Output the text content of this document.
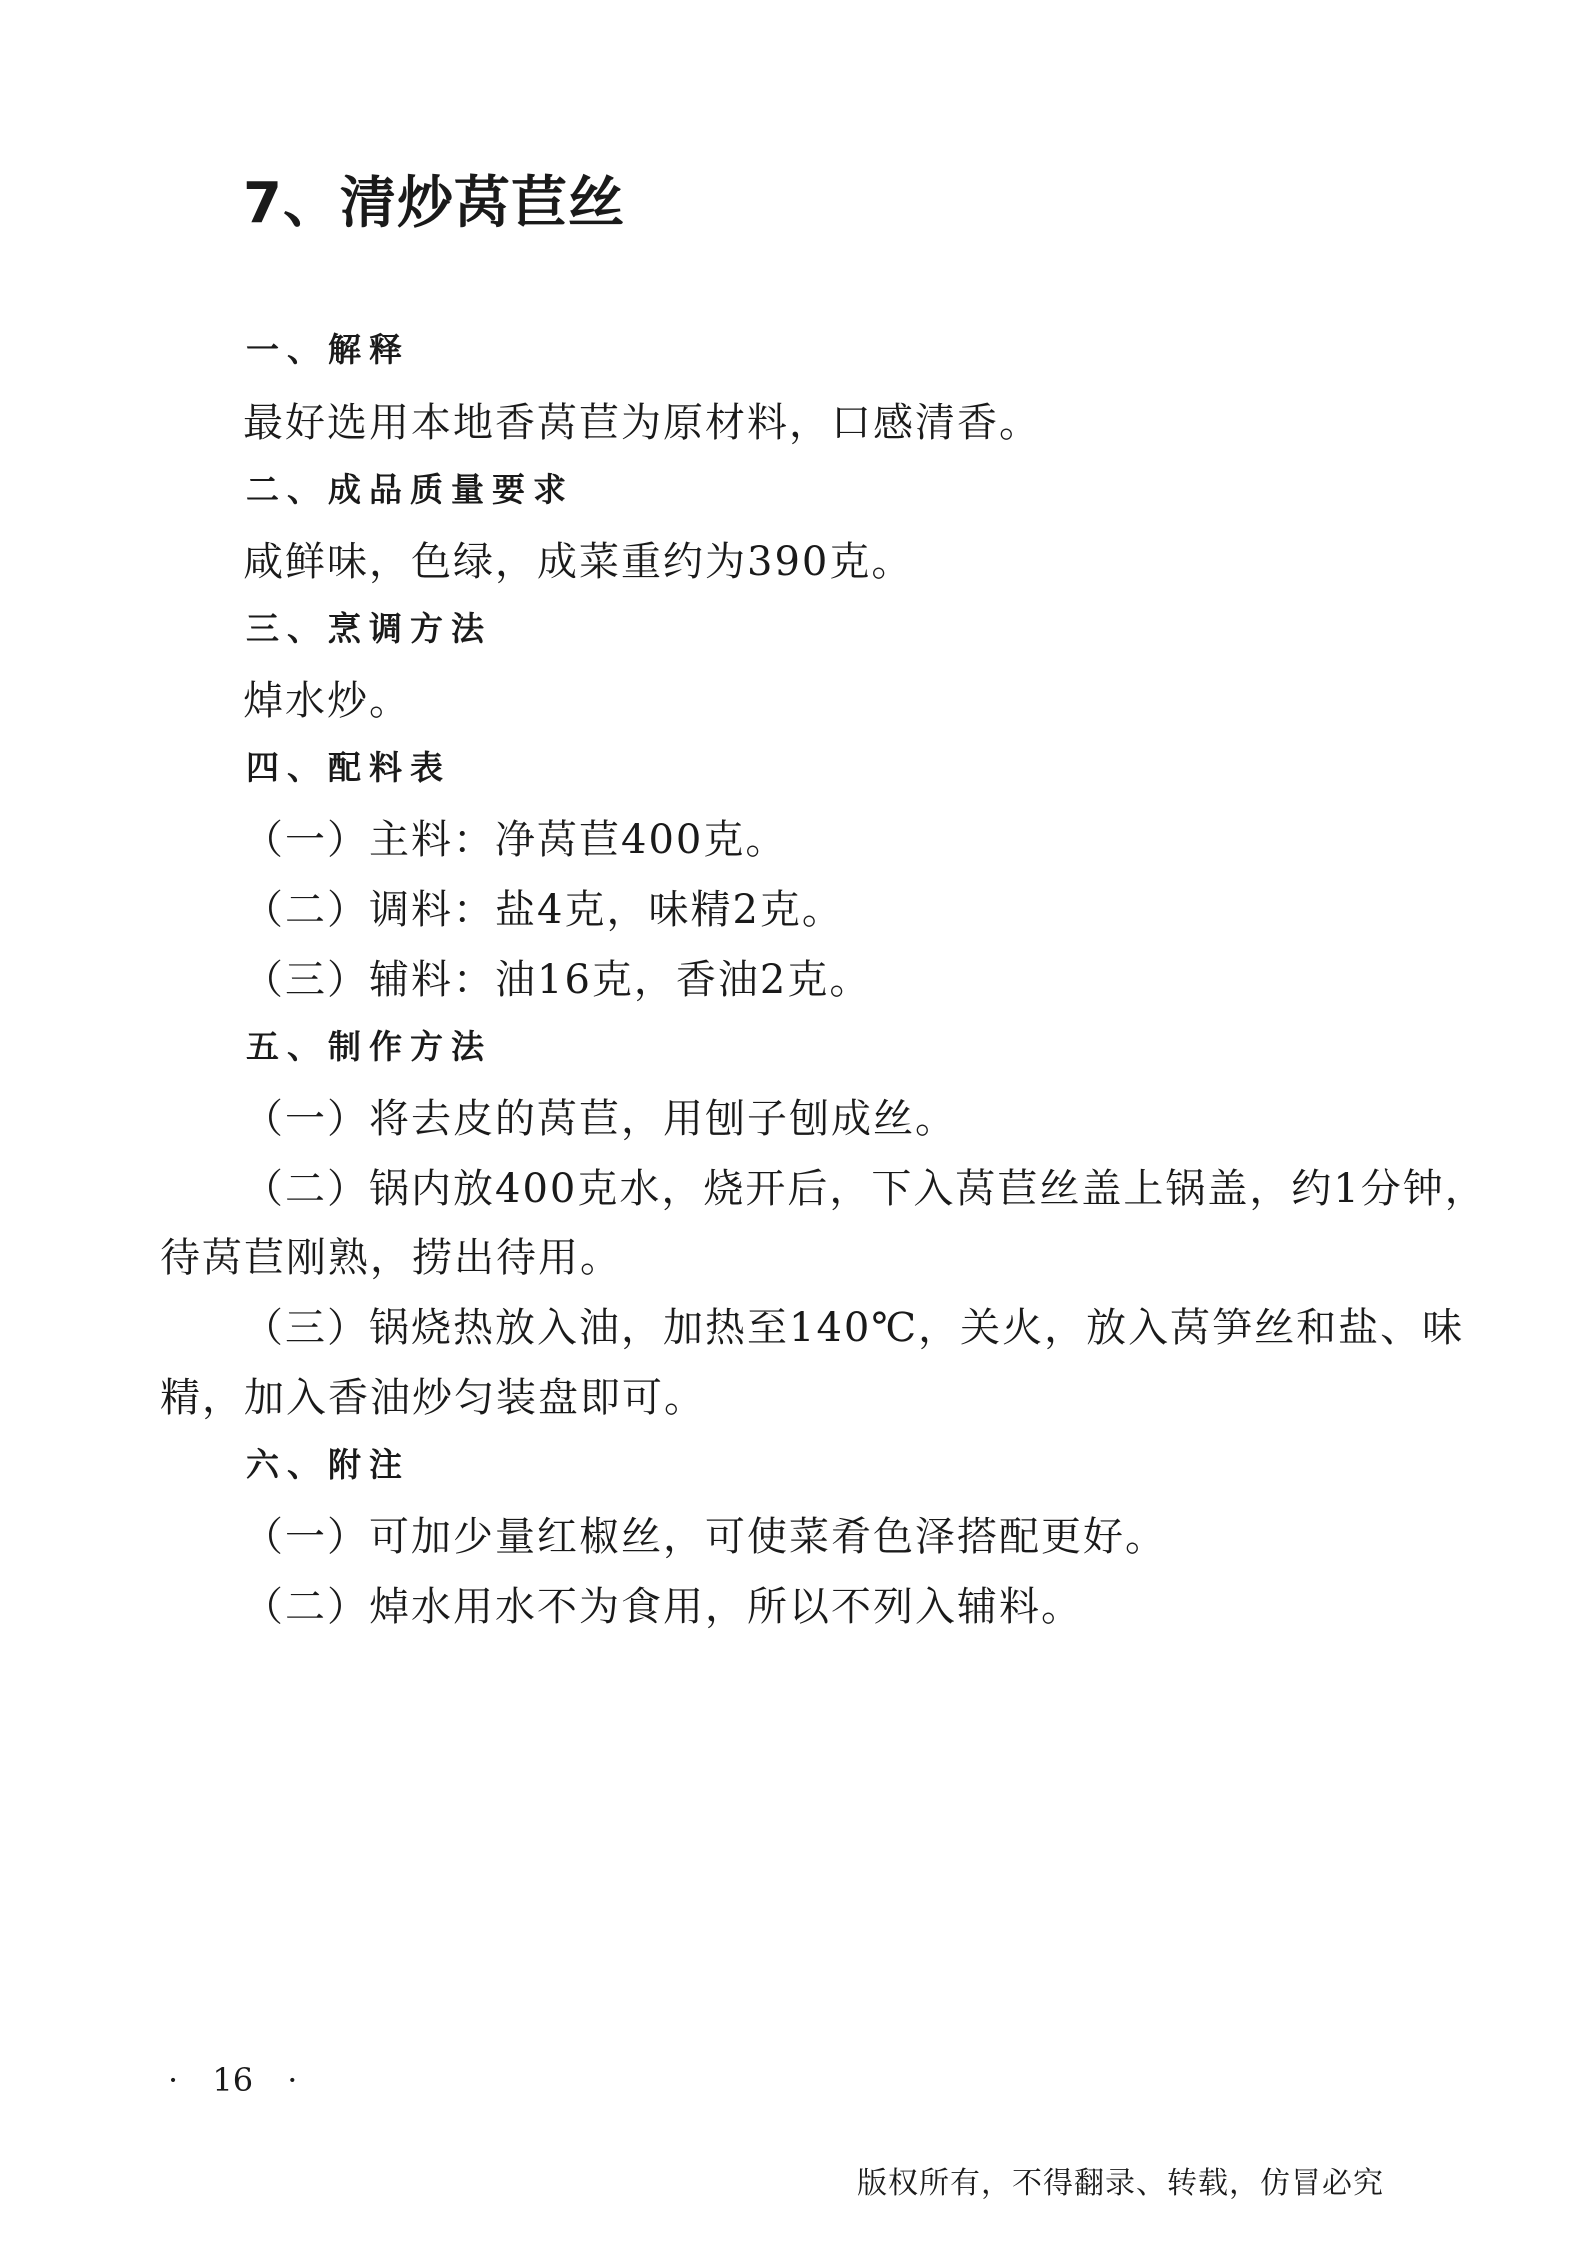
7、清炒莴苣丝
一、解释
最好选用本地香莴苣为原材料，口感清香。
二、成品质量要求
咸鲜味，色绿，成菜重约为390克。
三、烹调方法
焯水炒。
四、配料表
（一）主料：净莴苣400克。
（二）调料：盐4克，味精2克。
（三）辅料：油16克，香油2克。
五、制作方法
（一）将去皮的莴苣，用刨子刨成丝。
（二）锅内放400克水，烧开后，下入莴苣丝盖上锅盖，约1分钟，
待莴苣刚熟，捞出待用。
（三）锅烧热放入油，加热至140℃，关火，放入莴笋丝和盐、味
精，加入香油炒匀装盘即可。
六、附注
（一）可加少量红椒丝，可使菜肴色泽搭配更好。
（二）焯水用水不为食用，所以不列入辅料。
· 16 ·
版权所有，不得翻录、转载，仿冒必究
